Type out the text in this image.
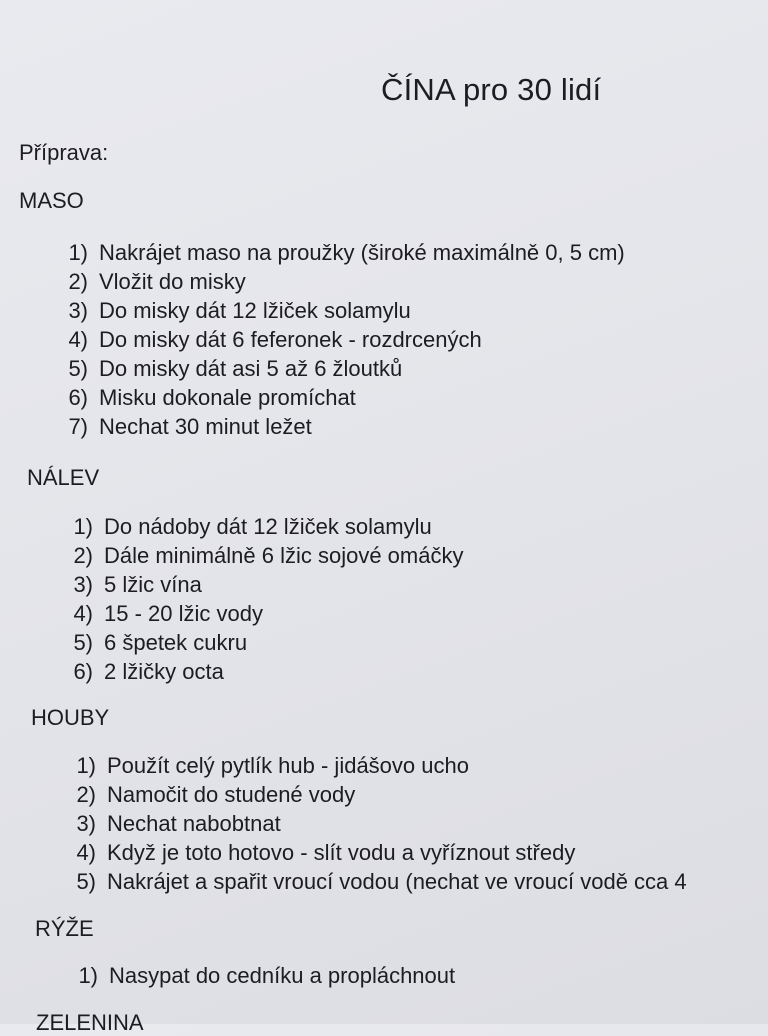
ČÍNA pro 30 lidí
Příprava:
MASO
1) Nakrájet maso na proužky (široké maximálně 0, 5 cm)
2) Vložit do misky
3) Do misky dát 12 lžiček solamylu
4) Do misky dát 6 feferonek - rozdrcených
5) Do misky dát asi 5 až 6 žloutků
6) Misku dokonale promíchat
7) Nechat 30 minut ležet
NÁLEV
1) Do nádoby dát 12 lžiček solamylu
2) Dále minimálně 6 lžic sojové omáčky
3) 5 lžic vína
4) 15 - 20 lžic vody
5) 6 špetek cukru
6) 2 lžičky octa
HOUBY
1) Použít celý pytlík hub - jidášovo ucho
2) Namočit do studené vody
3) Nechat nabobtnat
4) Když je toto hotovo - slít vodu a vyříznout středy
5) Nakrájet a spařit vroucí vodou (nechat ve vroucí vodě cca 4
RÝŽE
1) Nasypat do cedníku a propláchnout
ZELENINA
